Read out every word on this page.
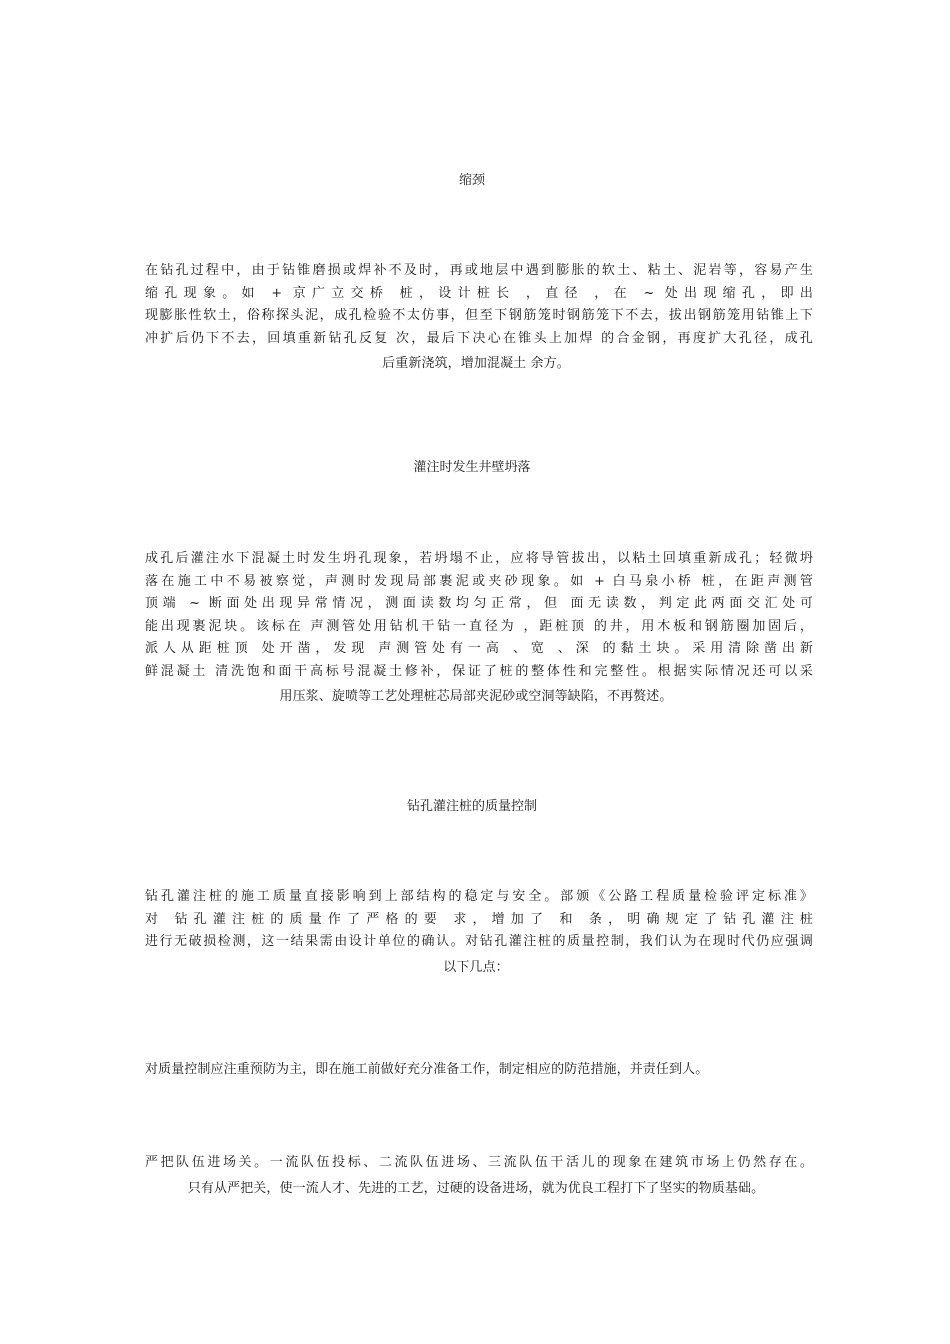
缩颈
在钻孔过程中，由于钻锥磨损或焊补不及时，再或地层中遇到膨胀的软土、粘土、泥岩等，容易产生
缩孔现象。如 + 京广立交桥 桩，设计桩长 ，直径 ，在 ~ 处出现缩孔，即出
现膨胀性软土，俗称探头泥，成孔检验不太仿事，但至下钢筋笼时钢筋笼下不去，拔出钢筋笼用钻锥上下
冲扩后仍下不去，回填重新钻孔反复 次，最后下决心在锥头上加焊 的合金钢，再度扩大孔径，成孔
后重新浇筑，增加混凝土 余方。
灌注时发生井壁坍落
成孔后灌注水下混凝土时发生坍孔现象，若坍塌不止，应将导管拔出，以粘土回填重新成孔；轻微坍
落在施工中不易被察觉，声测时发现局部裹泥或夹砂现象。如 + 白马泉小桥 桩，在距声测管
顶端 ~ 断面处出现异常情况，测面读数均匀正常，但 面无读数，判定此两面交汇处可
能出现裹泥块。该标在 声测管处用钻机干钻一直径为 ，距桩顶 的井，用木板和钢筋圈加固后，
派人从距桩顶 处开凿，发现 声测管处有一高 、宽 、深 的黏土块。采用清除凿出新
鲜混凝土 清洗饱和面干高标号混凝土修补，保证了桩的整体性和完整性。根据实际情况还可以采
用压浆、旋喷等工艺处理桩芯局部夹泥砂或空洞等缺陷，不再赘述。
钻孔灌注桩的质量控制
钻孔灌注桩的施工质量直接影响到上部结构的稳定与安全。部颁《公路工程质量检验评定标准》
对 钻孔灌注桩的质量作了严格的要 求，增加了 和 条，明确规定了钻孔灌注桩
进行无破损检测，这一结果需由设计单位的确认。对钻孔灌注桩的质量控制，我们认为在现时代仍应强调
以下几点：
对质量控制应注重预防为主，即在施工前做好充分准备工作，制定相应的防范措施，并责任到人。
严把队伍进场关。一流队伍投标、二流队伍进场、三流队伍干活儿的现象在建筑市场上仍然存在。
只有从严把关，使一流人才、先进的工艺，过硬的设备进场，就为优良工程打下了坚实的物质基础。
